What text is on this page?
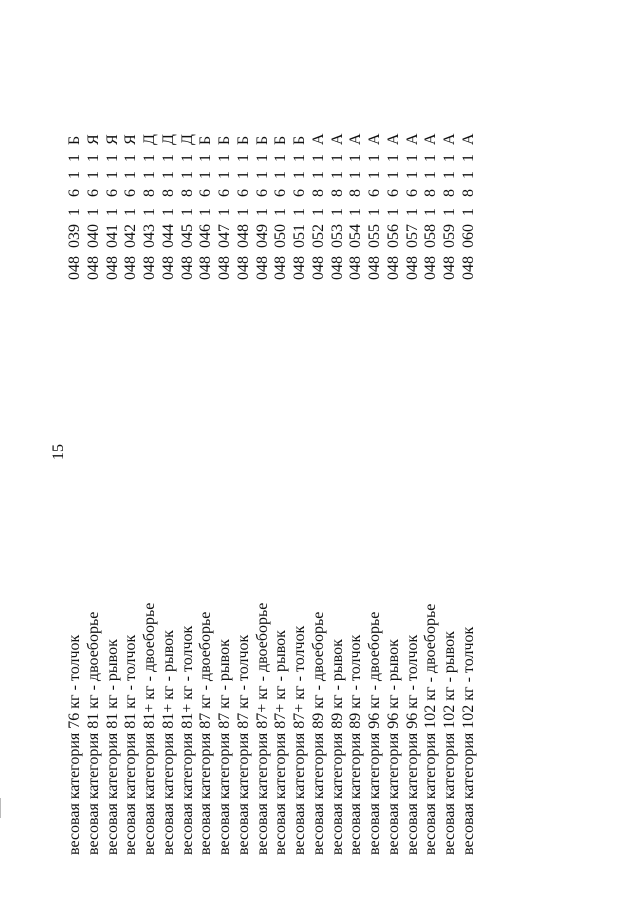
15
весовая категория 76 кг - толчок
048
039
1
6
1
1
Б
весовая категория 81 кг - двоеборье
048
040
1
6
1
1
Я
весовая категория 81 кг - рывок
048
041
1
6
1
1
Я
весовая категория 81 кг - толчок
048
042
1
6
1
1
Я
весовая категория 81+ кг - двоеборье
048
043
1
8
1
1
Д
весовая категория 81+ кг - рывок
048
044
1
8
1
1
Д
весовая категория 81+ кг - толчок
048
045
1
8
1
1
Д
весовая категория 87 кг - двоеборье
048
046
1
6
1
1
Б
весовая категория 87 кг - рывок
048
047
1
6
1
1
Б
весовая категория 87 кг - толчок
048
048
1
6
1
1
Б
весовая категория 87+ кг - двоеборье
048
049
1
6
1
1
Б
весовая категория 87+ кг - рывок
048
050
1
6
1
1
Б
весовая категория 87+ кг - толчок
048
051
1
6
1
1
Б
весовая категория 89 кг - двоеборье
048
052
1
8
1
1
А
весовая категория 89 кг - рывок
048
053
1
8
1
1
А
весовая категория 89 кг - толчок
048
054
1
8
1
1
А
весовая категория 96 кг - двоеборье
048
055
1
6
1
1
А
весовая категория 96 кг - рывок
048
056
1
6
1
1
А
весовая категория 96 кг - толчок
048
057
1
6
1
1
А
весовая категория 102 кг - двоеборье
048
058
1
8
1
1
А
весовая категория 102 кг - рывок
048
059
1
8
1
1
А
весовая категория 102 кг - толчок
048
060
1
8
1
1
А
